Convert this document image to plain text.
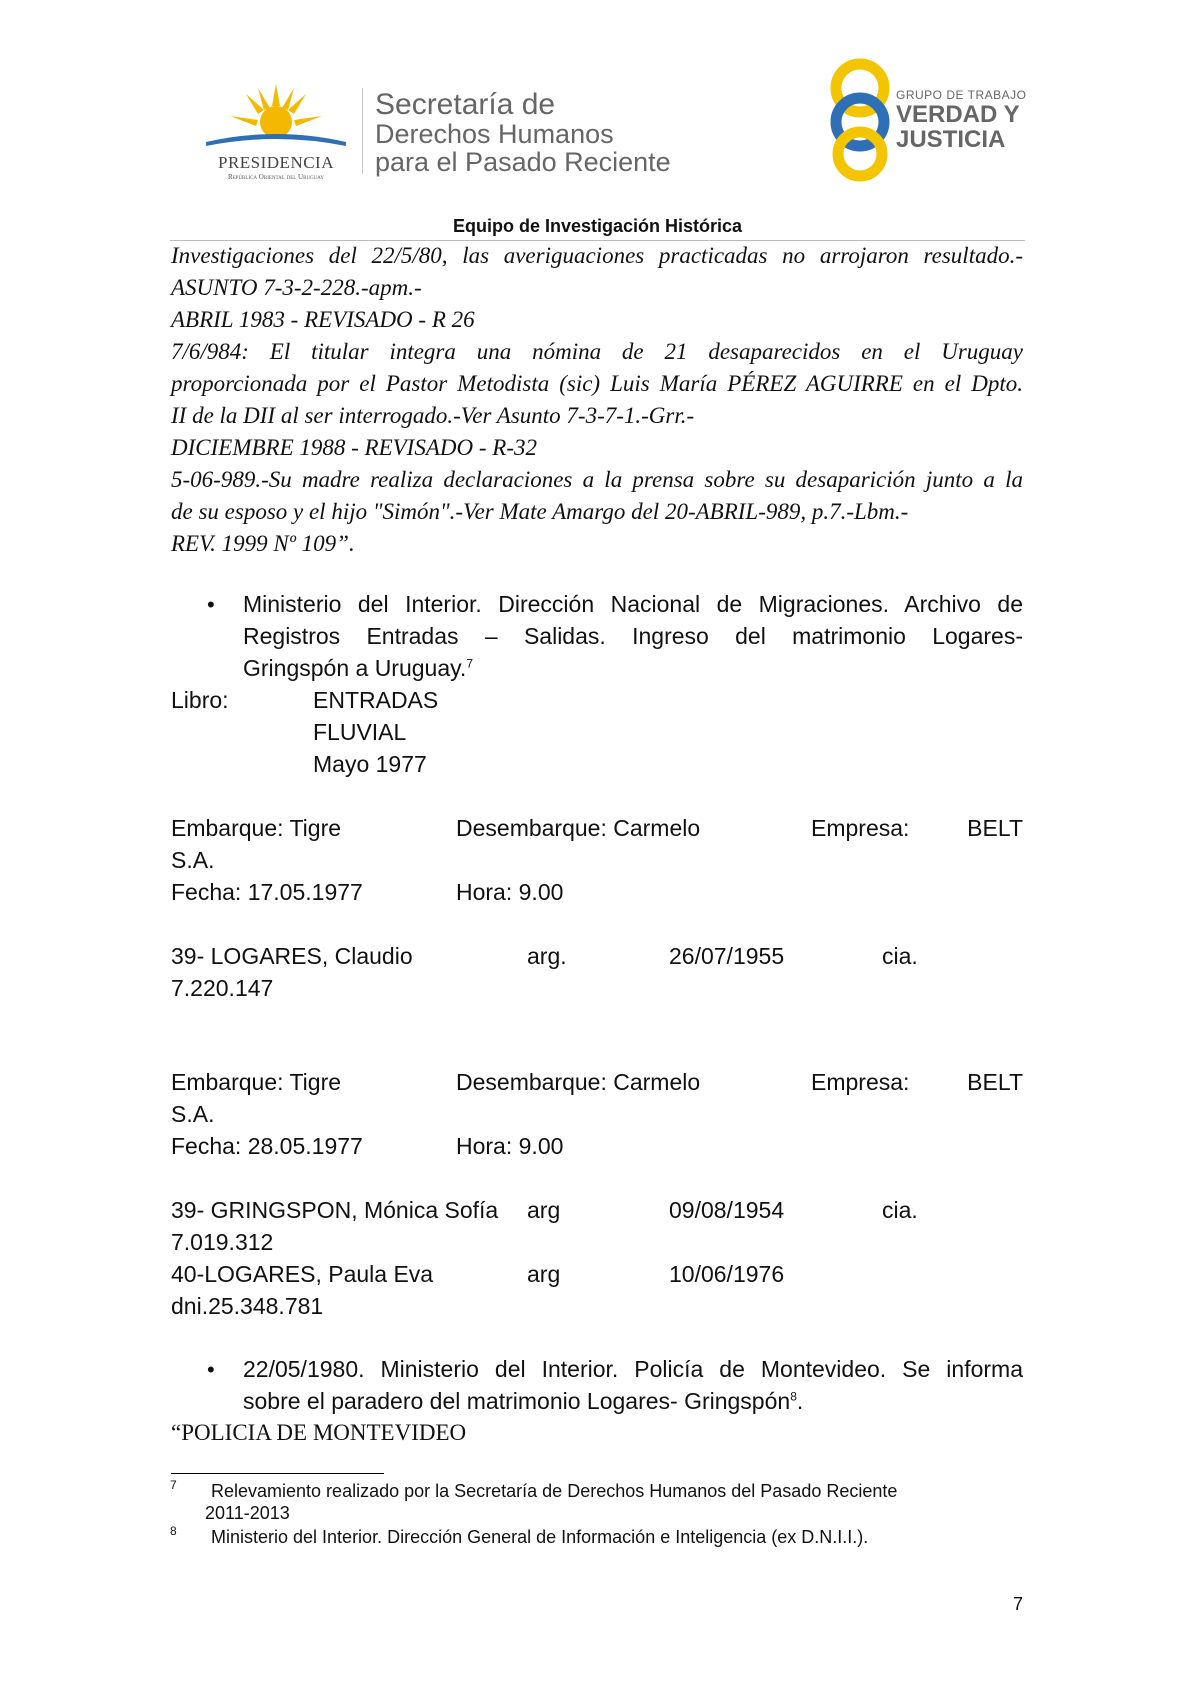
PRESIDENCIA
República Oriental del Uruguay
Secretaría de
Derechos Humanos
para el Pasado Reciente
GRUPO DE TRABAJO
VERDAD Y
JUSTICIA
Equipo de Investigación Histórica
Investigaciones del 22/5/80, las averiguaciones practicadas no arrojaron resultado.-
ASUNTO 7-3-2-228.-apm.-
ABRIL 1983 - REVISADO - R 26
7/6/984: El titular integra una nómina de 21 desaparecidos en el Uruguay
proporcionada por el Pastor Metodista (sic) Luis María PÉREZ AGUIRRE en el Dpto.
II de la DII al ser interrogado.-Ver Asunto 7-3-7-1.-Grr.-
DICIEMBRE 1988 - REVISADO - R-32
5-06-989.-Su madre realiza declaraciones a la prensa sobre su desaparición junto a la
de su esposo y el hijo "Simón".-Ver Mate Amargo del 20-ABRIL-989, p.7.-Lbm.-
REV. 1999 Nº 109”.
• Ministerio del Interior. Dirección Nacional de Migraciones. Archivo de
Registros Entradas – Salidas. Ingreso del matrimonio Logares-
Gringspón a Uruguay.$^7$
Libro:	ENTRADAS
FLUVIAL
Mayo 1977
Embarque: Tigre	Desembarque: Carmelo	Empresa:	BELT
S.A.
Fecha: 17.05.1977	Hora: 9.00
39- LOGARES, Claudio	arg.	26/07/1955	cia.
7.220.147
Embarque: Tigre	Desembarque: Carmelo	Empresa:	BELT
S.A.
Fecha: 28.05.1977	Hora: 9.00
39- GRINGSPON, Mónica Sofía arg	09/08/1954	cia.
7.019.312
40-LOGARES, Paula Eva	arg	10/06/1976
dni.25.348.781
• 22/05/1980. Ministerio del Interior. Policía de Montevideo. Se informa
sobre el paradero del matrimonio Logares- Gringspón$^8$.
“POLICIA DE MONTEVIDEO
7 Relevamiento realizado por la Secretaría de Derechos Humanos del Pasado Reciente
2011-2013
8 Ministerio del Interior. Dirección General de Información e Inteligencia (ex D.N.I.I.).
7
